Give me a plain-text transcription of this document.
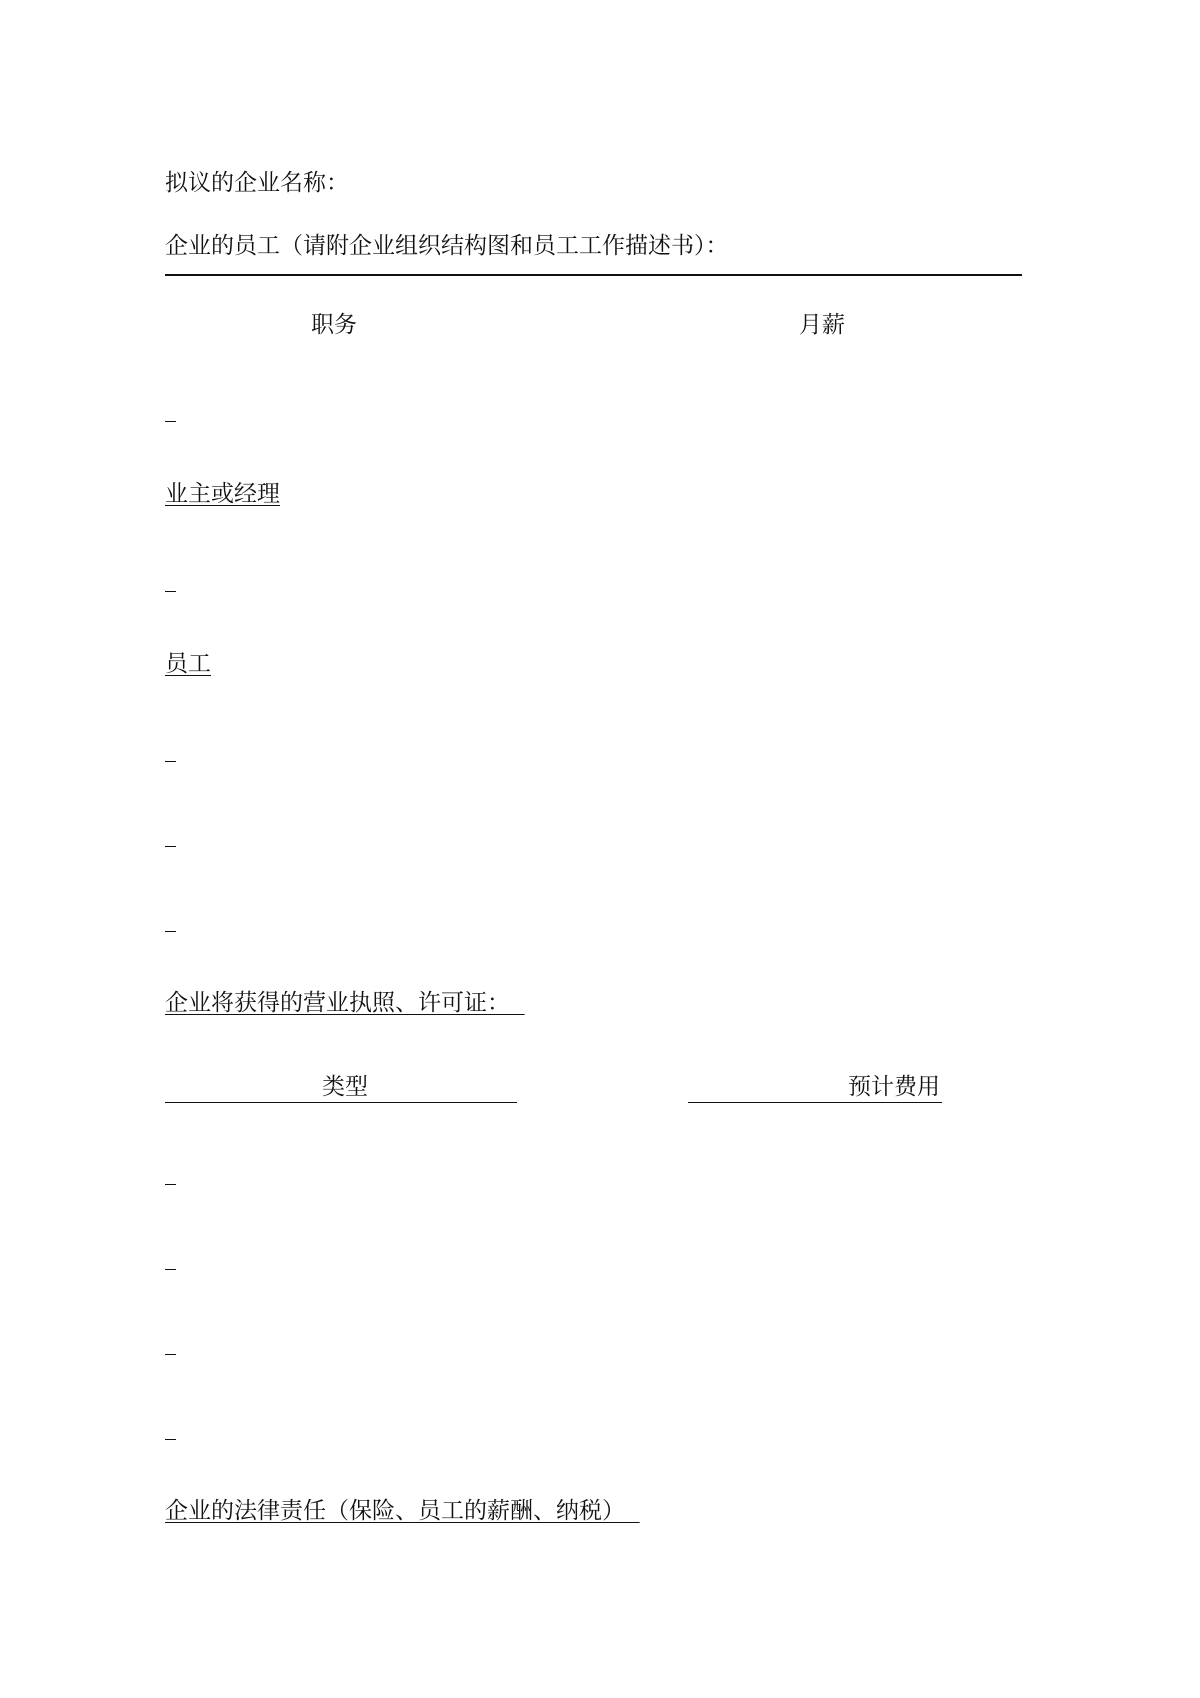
拟议的企业名称：
企业的员工（请附企业组织结构图和员工工作描述书）：
职务	月薪
业主或经理
员工
企业将获得的营业执照、许可证：
类型	预计费用
企业的法律责任（保险、员工的薪酬、纳税）
